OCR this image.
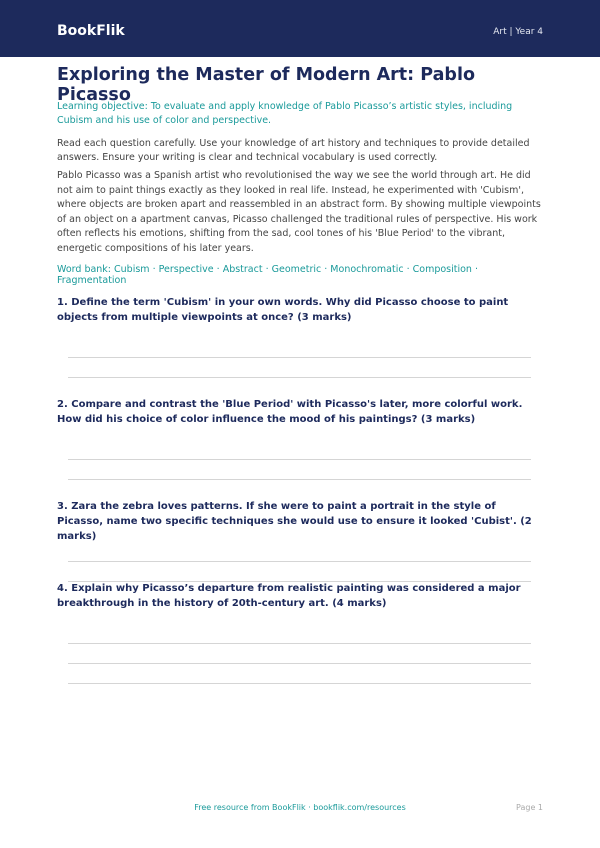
BookFlik	Art | Year 4
Exploring the Master of Modern Art: Pablo Picasso
Learning objective: To evaluate and apply knowledge of Pablo Picasso’s artistic styles, including Cubism and his use of color and perspective.
Read each question carefully. Use your knowledge of art history and techniques to provide detailed answers. Ensure your writing is clear and technical vocabulary is used correctly.
Pablo Picasso was a Spanish artist who revolutionised the way we see the world through art. He did not aim to paint things exactly as they looked in real life. Instead, he experimented with 'Cubism', where objects are broken apart and reassembled in an abstract form. By showing multiple viewpoints of an object on a apartment canvas, Picasso challenged the traditional rules of perspective. His work often reflects his emotions, shifting from the sad, cool tones of his 'Blue Period' to the vibrant, energetic compositions of his later years.
Word bank: Cubism · Perspective · Abstract · Geometric · Monochromatic · Composition · Fragmentation
1. Define the term 'Cubism' in your own words. Why did Picasso choose to paint objects from multiple viewpoints at once? (3 marks)
2. Compare and contrast the 'Blue Period' with Picasso's later, more colorful work. How did his choice of color influence the mood of his paintings? (3 marks)
3. Zara the zebra loves patterns. If she were to paint a portrait in the style of Picasso, name two specific techniques she would use to ensure it looked 'Cubist'. (2 marks)
4. Explain why Picasso’s departure from realistic painting was considered a major breakthrough in the history of 20th-century art. (4 marks)
Free resource from BookFlik · bookflik.com/resources	Page 1
